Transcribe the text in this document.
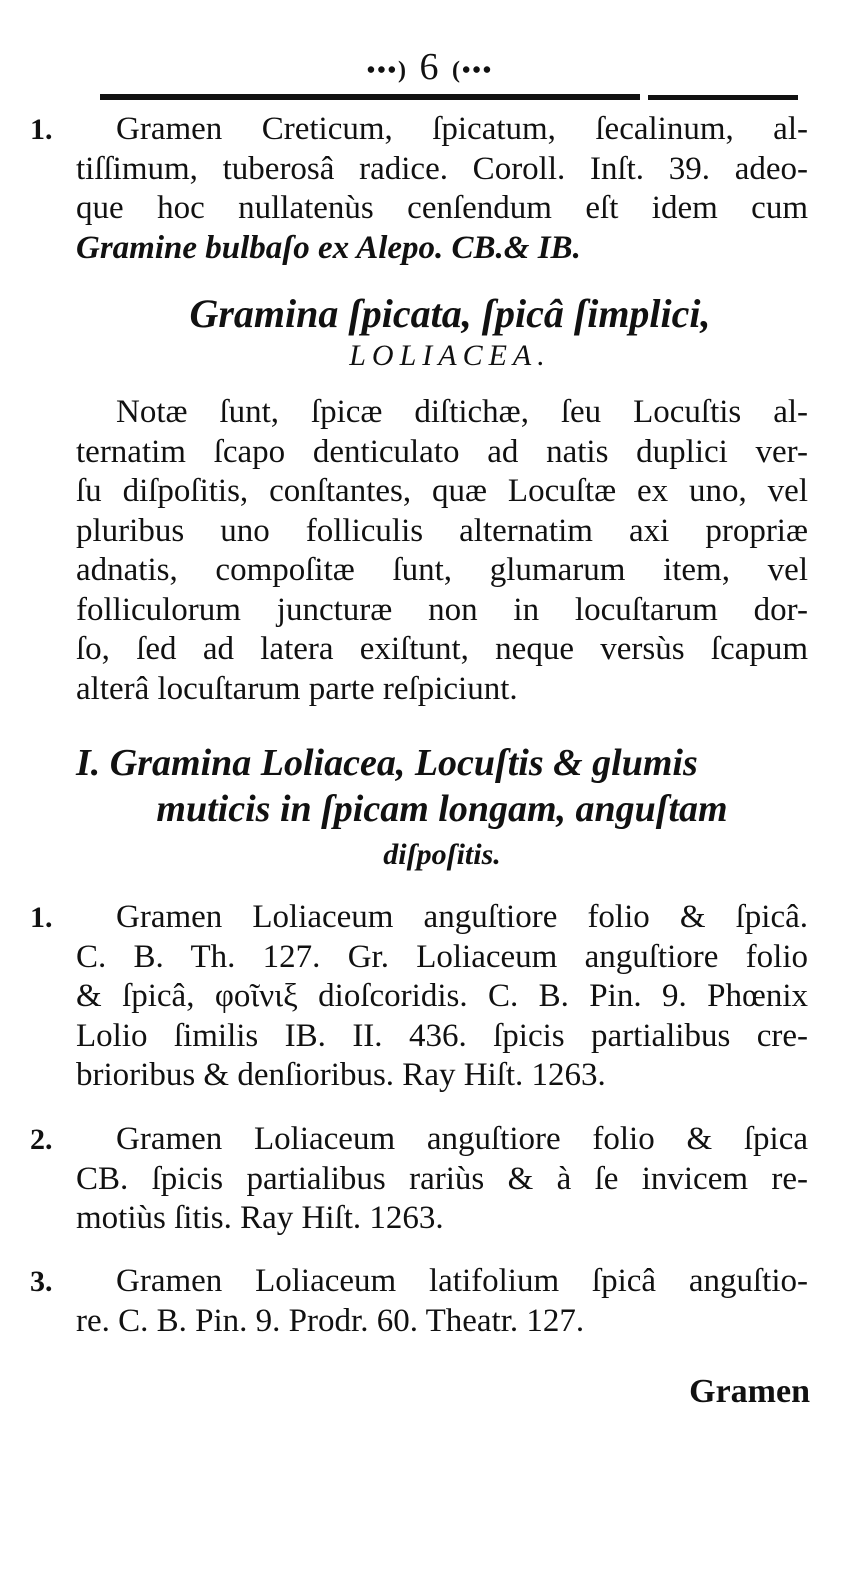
•••) 6 (•••
1.	Gramen Creticum, ſpicatum, ſecalinum, al-
tiſſimum, tuberosâ radice. Coroll. Inſt. 39. adeo-
que hoc nullatenùs cenſendum eſt idem cum
Gramine bulbaſo ex Alepo. CB.& IB.
Gramina ſpicata, ſpicâ ſimplici,
LOLIACEA.
Notæ ſunt, ſpicæ diſtichæ, ſeu Locuſtis al-
ternatim ſcapo denticulato ad natis duplici ver-
ſu diſpoſitis, conſtantes, quæ Locuſtæ ex uno, vel
pluribus uno folliculis alternatim axi propriæ
adnatis, compoſitæ ſunt, glumarum item, vel
folliculorum juncturæ non in locuſtarum dor-
ſo, ſed ad latera exiſtunt, neque versùs ſcapum
alterâ locuſtarum parte reſpiciunt.
I. Gramina Loliacea, Locuſtis & glumis
muticis in ſpicam longam, anguſtam
diſpoſitis.
1.	Gramen Loliaceum anguſtiore folio & ſpicâ.
C. B. Th. 127. Gr. Loliaceum anguſtiore folio
& ſpicâ, φοῖνιξ dioſcoridis. C. B. Pin. 9. Phœnix
Lolio ſimilis IB. II. 436. ſpicis partialibus cre-
brioribus & denſioribus. Ray Hiſt. 1263.
2.	Gramen Loliaceum anguſtiore folio & ſpica
CB. ſpicis partialibus rariùs & à ſe invicem re-
motiùs ſitis. Ray Hiſt. 1263.
3.	Gramen Loliaceum latifolium ſpicâ anguſtio-
re. C. B. Pin. 9. Prodr. 60. Theatr. 127.
Gramen
